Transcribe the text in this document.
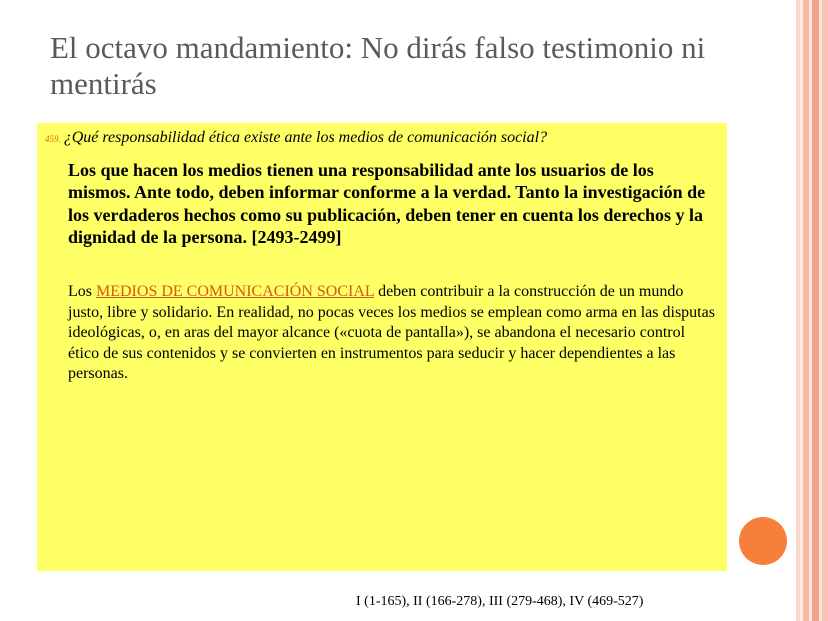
El octavo mandamiento: No dirás falso testimonio ni mentirás
459. ¿Qué responsabilidad ética existe ante los medios de comunicación social?
Los que hacen los medios tienen una responsabilidad ante los usuarios de los mismos. Ante todo, deben informar conforme a la verdad. Tanto la investigación de los verdaderos hechos como su publicación, deben tener en cuenta los derechos y la dignidad de la persona. [2493-2499]
Los MEDIOS DE COMUNICACIÓN SOCIAL deben contribuir a la construcción de un mundo justo, libre y solidario. En realidad, no pocas veces los medios se emplean como arma en las disputas ideológicas, o, en aras del mayor alcance («cuota de pantalla»), se abandona el necesario control ético de sus contenidos y se convierten en instrumentos para seducir y hacer dependientes a las personas.
I (1-165), II (166-278), III (279-468), IV (469-527)
